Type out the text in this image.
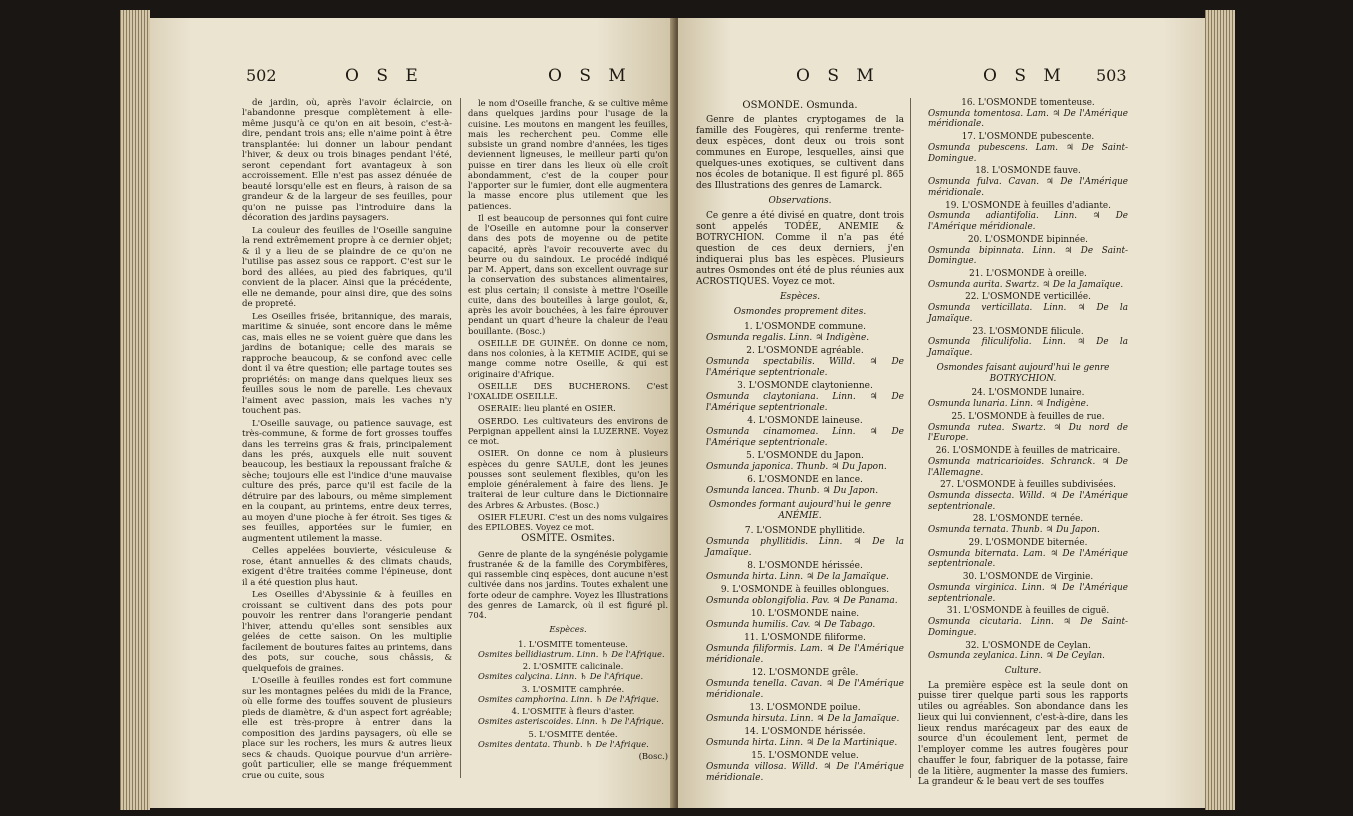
502	O S E	O S M

de jardin, où, après l'avoir éclaircie, on l'abandonne presque complètement à elle-même jusqu'à ce qu'on en ait besoin, c'est-à-dire, pendant trois ans; elle n'aime point à être transplantée: lui donner un labour pendant l'hiver, & deux ou trois binages pendant l'été, seront cependant fort avantageux à son accroissement. Elle n'est pas assez dénuée de beauté lorsqu'elle est en fleurs, à raison de sa grandeur & de la largeur de ses feuilles, pour qu'on ne puisse pas l'introduire dans la décoration des jardins paysagers.

La couleur des feuilles de l'Oseille sanguine la rend extrêmement propre à ce dernier objet; & il y a lieu de se plaindre de ce qu'on ne l'utilise pas assez sous ce rapport. C'est sur le bord des allées, au pied des fabriques, qu'il convient de la placer. Ainsi que la précédente, elle ne demande, pour ainsi dire, que des soins de propreté.

Les Oseilles frisée, britannique, des marais, maritime & sinuée, sont encore dans le même cas, mais elles ne se voient guère que dans les jardins de botanique; celle des marais se rapproche beaucoup, & se confond avec celle dont il va être question; elle partage toutes ses propriétés: on mange dans quelques lieux ses feuilles sous le nom de parelle. Les chevaux l'aiment avec passion, mais les vaches n'y touchent pas.

L'Oseille sauvage, ou patience sauvage, est très-commune, & forme de fort grosses touffes dans les terreins gras & frais, principalement dans les prés, auxquels elle nuit souvent beaucoup, les bestiaux la repoussant fraîche & sèche; toujours elle est l'indice d'une mauvaise culture des prés, parce qu'il est facile de la détruire par des labours, ou même simplement en la coupant, au printems, entre deux terres, au moyen d'une pioche à fer étroit. Ses tiges & ses feuilles, apportées sur le fumier, en augmentent utilement la masse.

Celles appelées bouvierte, vésiculeuse & rose, étant annuelles & des climats chauds, exigent d'être traitées comme l'épineuse, dont il a été question plus haut.

Les Oseilles d'Abyssinie & à feuilles en croissant se cultivent dans des pots pour pouvoir les rentrer dans l'orangerie pendant l'hiver, attendu qu'elles sont sensibles aux gelées de cette saison. On les multiplie facilement de boutures faites au printems, dans des pots, sur couche, sous châssis, & quelquefois de graines.

L'Oseille à feuilles rondes est fort commune sur les montagnes pelées du midi de la France, où elle forme des touffes souvent de plusieurs pieds de diamètre, & d'un aspect fort agréable; elle est très-propre à entrer dans la composition des jardins paysagers, où elle se place sur les rochers, les murs & autres lieux secs & chauds. Quoique pourvue d'un arrière-goût particulier, elle se mange fréquemment crue ou cuite, sous

le nom d'Oseille franche, & se cultive même dans quelques jardins pour l'usage de la cuisine. Les moutons en mangent les feuilles, mais les recherchent peu. Comme elle subsiste un grand nombre d'années, les tiges deviennent ligneuses, le meilleur parti qu'on puisse en tirer dans les lieux où elle croît abondamment, c'est de la couper pour l'apporter sur le fumier, dont elle augmentera la masse encore plus utilement que les patiences.

Il est beaucoup de personnes qui font cuire de l'Oseille en automne pour la conserver dans des pots de moyenne ou de petite capacité, après l'avoir recouverte avec du beurre ou du saindoux. Le procédé indiqué par M. Appert, dans son excellent ouvrage sur la conservation des substances alimentaires, est plus certain; il consiste à mettre l'Oseille cuite, dans des bouteilles à large goulot, &, après les avoir bouchées, à les faire éprouver pendant un quart d'heure la chaleur de l'eau bouillante. (Bosc.)

OSEILLE DE GUINÉE. On donne ce nom, dans nos colonies, à la KETMIE ACIDE, qui se mange comme notre Oseille, & qui est originaire d'Afrique.

OSEILLE DES BUCHERONS. C'est l'OXALIDE OSEILLE.

OSERAIE: lieu planté en OSIER.

OSERDO. Les cultivateurs des environs de Perpignan appellent ainsi la LUZERNE. Voyez ce mot.

OSIER. On donne ce nom à plusieurs espèces du genre SAULE, dont les jeunes pousses sont seulement flexibles, qu'on les emploie généralement à faire des liens. Je traiterai de leur culture dans le Dictionnaire des Arbres & Arbustes. (Bosc.)

OSIER FLEURI. C'est un des noms vulgaires des EPILOBES. Voyez ce mot.

OSMITE. Osmites.

Genre de plante de la syngénésie polygamie frustranée & de la famille des Corymbifères, qui rassemble cinq espèces, dont aucune n'est cultivée dans nos jardins. Toutes exhalent une forte odeur de camphre. Voyez les Illustrations des genres de Lamarck, où il est figuré pl. 704.

Espèces.

1. L'OSMITE tomenteuse.
Osmites bellidiastrum. Linn. ♄ De l'Afrique.

2. L'OSMITE calicinale.
Osmites calycina. Linn. ♄ De l'Afrique.

3. L'OSMITE camphrée.
Osmites camphorina. Linn. ♄ De l'Afrique.

4. L'OSMITE à fleurs d'aster.
Osmites asteriscoides. Linn. ♄ De l'Afrique.

5. L'OSMITE dentée.
Osmites dentata. Thunb. ♄ De l'Afrique.

(Bosc.)

O S M	O S M 503

OSMONDE. Osmunda.

Genre de plantes cryptogames de la famille des Fougères, qui renferme trente-deux espèces, dont deux ou trois sont communes en Europe, lesquelles, ainsi que quelques-unes exotiques, se cultivent dans nos écoles de botanique. Il est figuré pl. 865 des Illustrations des genres de Lamarck.

Observations.

Ce genre a été divisé en quatre, dont trois sont appelés TODÉE, ANEMIE & BOTRYCHION. Comme il n'a pas été question de ces deux derniers, j'en indiquerai plus bas les espèces. Plusieurs autres Osmondes ont été de plus réunies aux ACROSTIQUES. Voyez ce mot.

Espèces.

Osmondes proprement dites.

1. L'OSMONDE commune.
Osmunda regalis. Linn. ♃ Indigène.

2. L'OSMONDE agréable.
Osmunda spectabilis. Willd. ♃ De l'Amérique septentrionale.

3. L'OSMONDE claytonienne.
Osmunda claytoniana. Linn. ♃ De l'Amérique septentrionale.

4. L'OSMONDE laineuse.
Osmunda cinamomea. Linn. ♃ De l'Amérique septentrionale.

5. L'OSMONDE du Japon.
Osmunda japonica. Thunb. ♃ Du Japon.

6. L'OSMONDE en lance.
Osmunda lancea. Thunb. ♃ Du Japon.

Osmondes formant aujourd'hui le genre ANÉMIE.

7. L'OSMONDE phyllitide.
Osmunda phyllitidis. Linn. ♃ De la Jamaïque.

8. L'OSMONDE hérissée.
Osmunda hirta. Linn. ♃ De la Jamaïque.

9. L'OSMONDE à feuilles oblongues.
Osmunda oblongifolia. Pav. ♃ De Panama.

10. L'OSMONDE naine.
Osmunda humilis. Cav. ♃ De Tabago.

11. L'OSMONDE filiforme.
Osmunda filiformis. Lam. ♃ De l'Amérique méridionale.

12. L'OSMONDE grêle.
Osmunda tenella. Cavan. ♃ De l'Amérique méridionale.

13. L'OSMONDE poilue.
Osmunda hirsuta. Linn. ♃ De la Jamaïque.

14. L'OSMONDE hérissée.
Osmunda hirta. Linn. ♃ De la Martinique.

15. L'OSMONDE velue.
Osmunda villosa. Willd. ♃ De l'Amérique méridionale.

16. L'OSMONDE tomenteuse.
Osmunda tomentosa. Lam. ♃ De l'Amérique méridionale.

17. L'OSMONDE pubescente.
Osmunda pubescens. Lam. ♃ De Saint-Domingue.

18. L'OSMONDE fauve.
Osmunda fulva. Cavan. ♃ De l'Amérique méridionale.

19. L'OSMONDE à feuilles d'adiante.
Osmunda adiantifolia. Linn. ♃ De l'Amérique méridionale.

20. L'OSMONDE bipinnée.
Osmunda bipinnata. Linn. ♃ De Saint-Domingue.

21. L'OSMONDE à oreille.
Osmunda aurita. Swartz. ♃ De la Jamaïque.

22. L'OSMONDE verticillée.
Osmunda verticillata. Linn. ♃ De la Jamaïque.

23. L'OSMONDE filicule.
Osmunda filiculifolia. Linn. ♃ De la Jamaïque.

Osmondes faisant aujourd'hui le genre BOTRYCHION.

24. L'OSMONDE lunaire.
Osmunda lunaria. Linn. ♃ Indigène.

25. L'OSMONDE à feuilles de rue.
Osmunda rutea. Swartz. ♃ Du nord de l'Europe.

26. L'OSMONDE à feuilles de matricaire.
Osmunda matricarioides. Schranck. ♃ De l'Allemagne.

27. L'OSMONDE à feuilles subdivisées.
Osmunda dissecta. Willd. ♃ De l'Amérique septentrionale.

28. L'OSMONDE ternée.
Osmunda ternata. Thunb. ♃ Du Japon.

29. L'OSMONDE biternée.
Osmunda biternata. Lam. ♃ De l'Amérique septentrionale.

30. L'OSMONDE de Virginie.
Osmunda virginica. Linn. ♃ De l'Amérique septentrionale.

31. L'OSMONDE à feuilles de ciguë.
Osmunda cicutaria. Linn. ♃ De Saint-Domingue.

32. L'OSMONDE de Ceylan.
Osmunda zeylanica. Linn. ♃ De Ceylan.

Culture.

La première espèce est la seule dont on puisse tirer quelque parti sous les rapports utiles ou agréables. Son abondance dans les lieux qui lui conviennent, c'est-à-dire, dans les lieux rendus marécageux par des eaux de source d'un écoulement lent, permet de l'employer comme les autres fougères pour chauffer le four, fabriquer de la potasse, faire de la litière, augmenter la masse des fumiers. La grandeur & le beau vert de ses touffes
